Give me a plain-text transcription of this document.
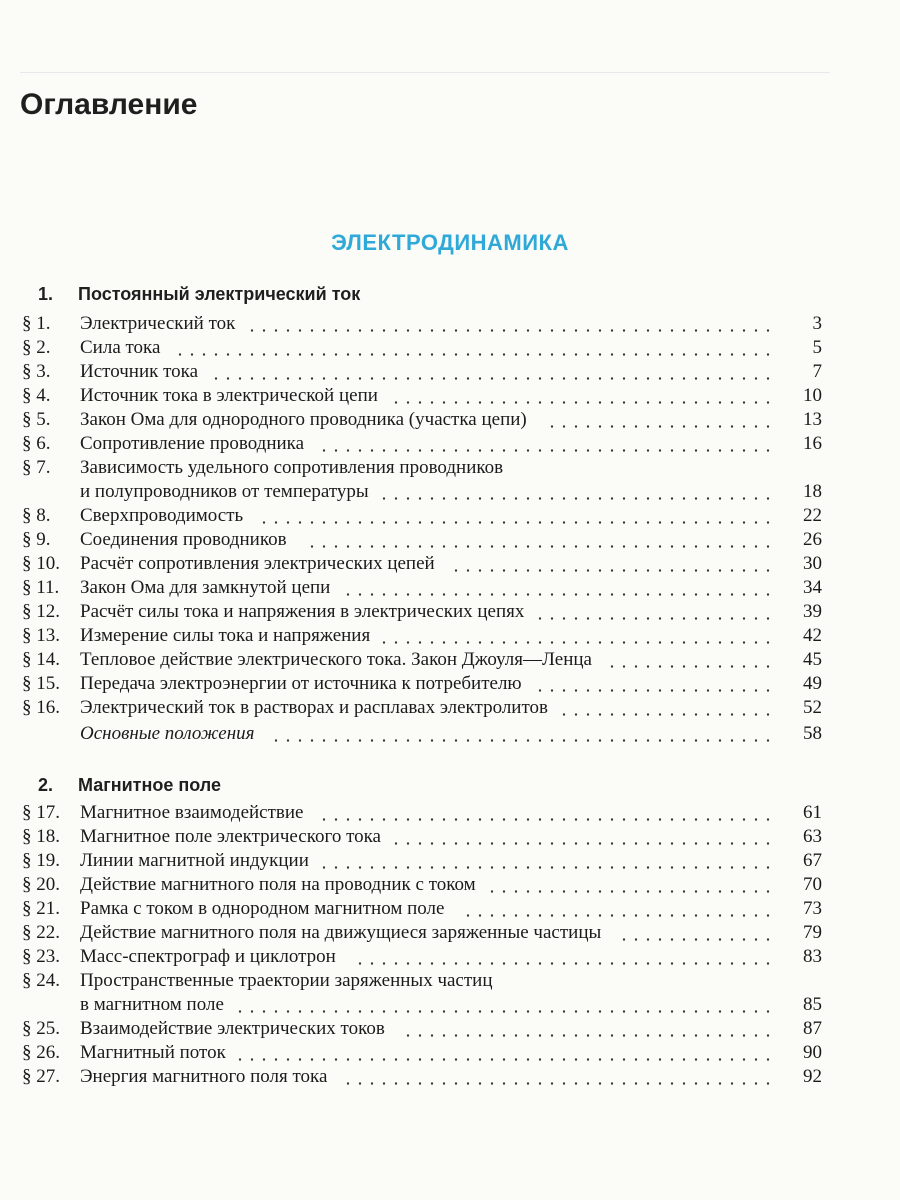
Оглавление
ЭЛЕКТРОДИНАМИКА
1. Постоянный электрический ток
§ 1. Электрический ток	3
§ 2. Сила тока	5
§ 3. Источник тока	7
§ 4. Источник тока в электрической цепи	10
§ 5. Закон Ома для однородного проводника (участка цепи)	13
§ 6. Сопротивление проводника	16
§ 7. Зависимость удельного сопротивления проводников
и полупроводников от температуры	18
§ 8. Сверхпроводимость	22
§ 9. Соединения проводников	26
§ 10. Расчёт сопротивления электрических цепей	30
§ 11. Закон Ома для замкнутой цепи	34
§ 12. Расчёт силы тока и напряжения в электрических цепях	39
§ 13. Измерение силы тока и напряжения	42
§ 14. Тепловое действие электрического тока. Закон Джоуля—Ленца	45
§ 15. Передача электроэнергии от источника к потребителю	49
§ 16. Электрический ток в растворах и расплавах электролитов	52
Основные положения	58
2. Магнитное поле
§ 17. Магнитное взаимодействие	61
§ 18. Магнитное поле электрического тока	63
§ 19. Линии магнитной индукции	67
§ 20. Действие магнитного поля на проводник с током	70
§ 21. Рамка с током в однородном магнитном поле	73
§ 22. Действие магнитного поля на движущиеся заряженные частицы	79
§ 23. Масс-спектрограф и циклотрон	83
§ 24. Пространственные траектории заряженных частиц
в магнитном поле	85
§ 25. Взаимодействие электрических токов	87
§ 26. Магнитный поток	90
§ 27. Энергия магнитного поля тока	92
